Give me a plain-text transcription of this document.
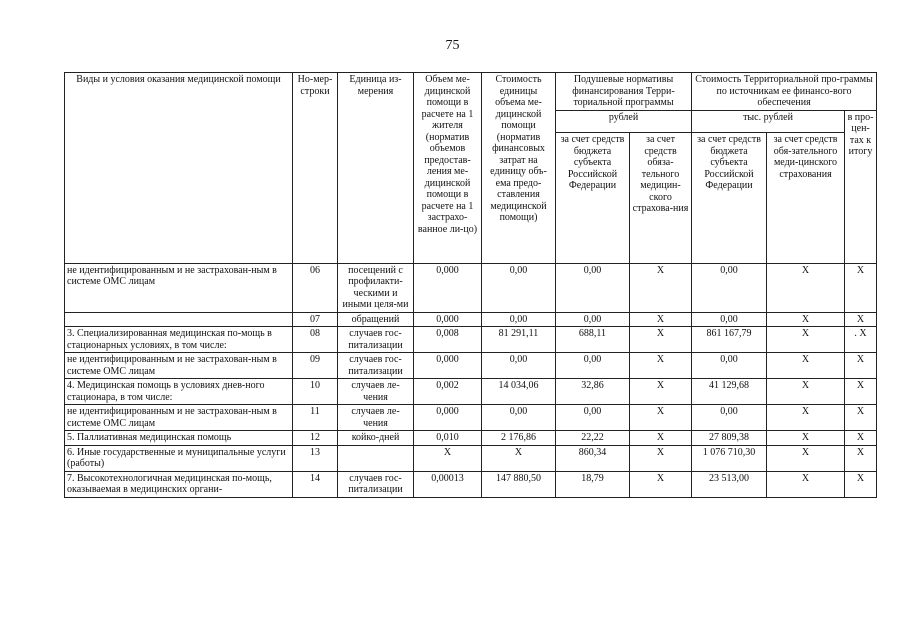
75
Виды и условия оказания медицинской помощи	Но-мер-строки	Единица из-мерения	Объем ме-дицинской помощи в расчете на 1 жителя (норматив объемов предостав-ления ме-дицинской помощи в расчете на 1 застрахо-ванное ли-цо)	Стоимость единицы объема ме-дицинской помощи (норматив финансовых затрат на единицу объ-ема предо-ставления медицинской помощи)	Подушевые нормативы финансирования Терри-ториальной программы		Стоимость Территориальной про-граммы по источникам ее финансо-вого обеспечения		
					рублей		тыс. рублей		в про-цен-тах к итогу
					за счет средств бюджета субъекта Российской Федерации	за счет средств обяза-тельного медицин-ского страхова-ния	за счет средств бюджета субъекта Российской Федерации	за счет средств обя-зательного меди-цинского страхования	
не идентифицированным и не застрахован-ным в системе ОМС лицам	06	посещений с профилакти-ческими и иными целя-ми	0,000	0,00	0,00	Х	0,00	Х	Х
	07	обращений	0,000	0,00	0,00	Х	0,00	Х	Х
3. Специализированная медицинская по-мощь в стационарных условиях, в том числе:	08	случаев гос-питализации	0,008	81 291,11	688,11	Х	861 167,79	Х	. Х
не идентифицированным и не застрахован-ным в системе ОМС лицам	09	случаев гос-питализации	0,000	0,00	0,00	Х	0,00	Х	Х
4. Медицинская помощь в условиях днев-ного стационара, в том числе:	10	случаев ле-чения	0,002	14 034,06	32,86	Х	41 129,68	Х	Х
не идентифицированным и не застрахован-ным в системе ОМС лицам	11	случаев ле-чения	0,000	0,00	0,00	Х	0,00	Х	Х
5. Паллиативная медицинская помощь	12	койко-дней	0,010	2 176,86	22,22	Х	27 809,38	Х	Х
6. Иные государственные и муниципальные услуги (работы)	13		Х	Х	860,34	Х	1 076 710,30	Х	Х
7. Высокотехнологичная медицинская по-мощь, оказываемая в медицинских органи-	14	случаев гос-питализации	0,00013	147 880,50	18,79	Х	23 513,00	Х	Х
